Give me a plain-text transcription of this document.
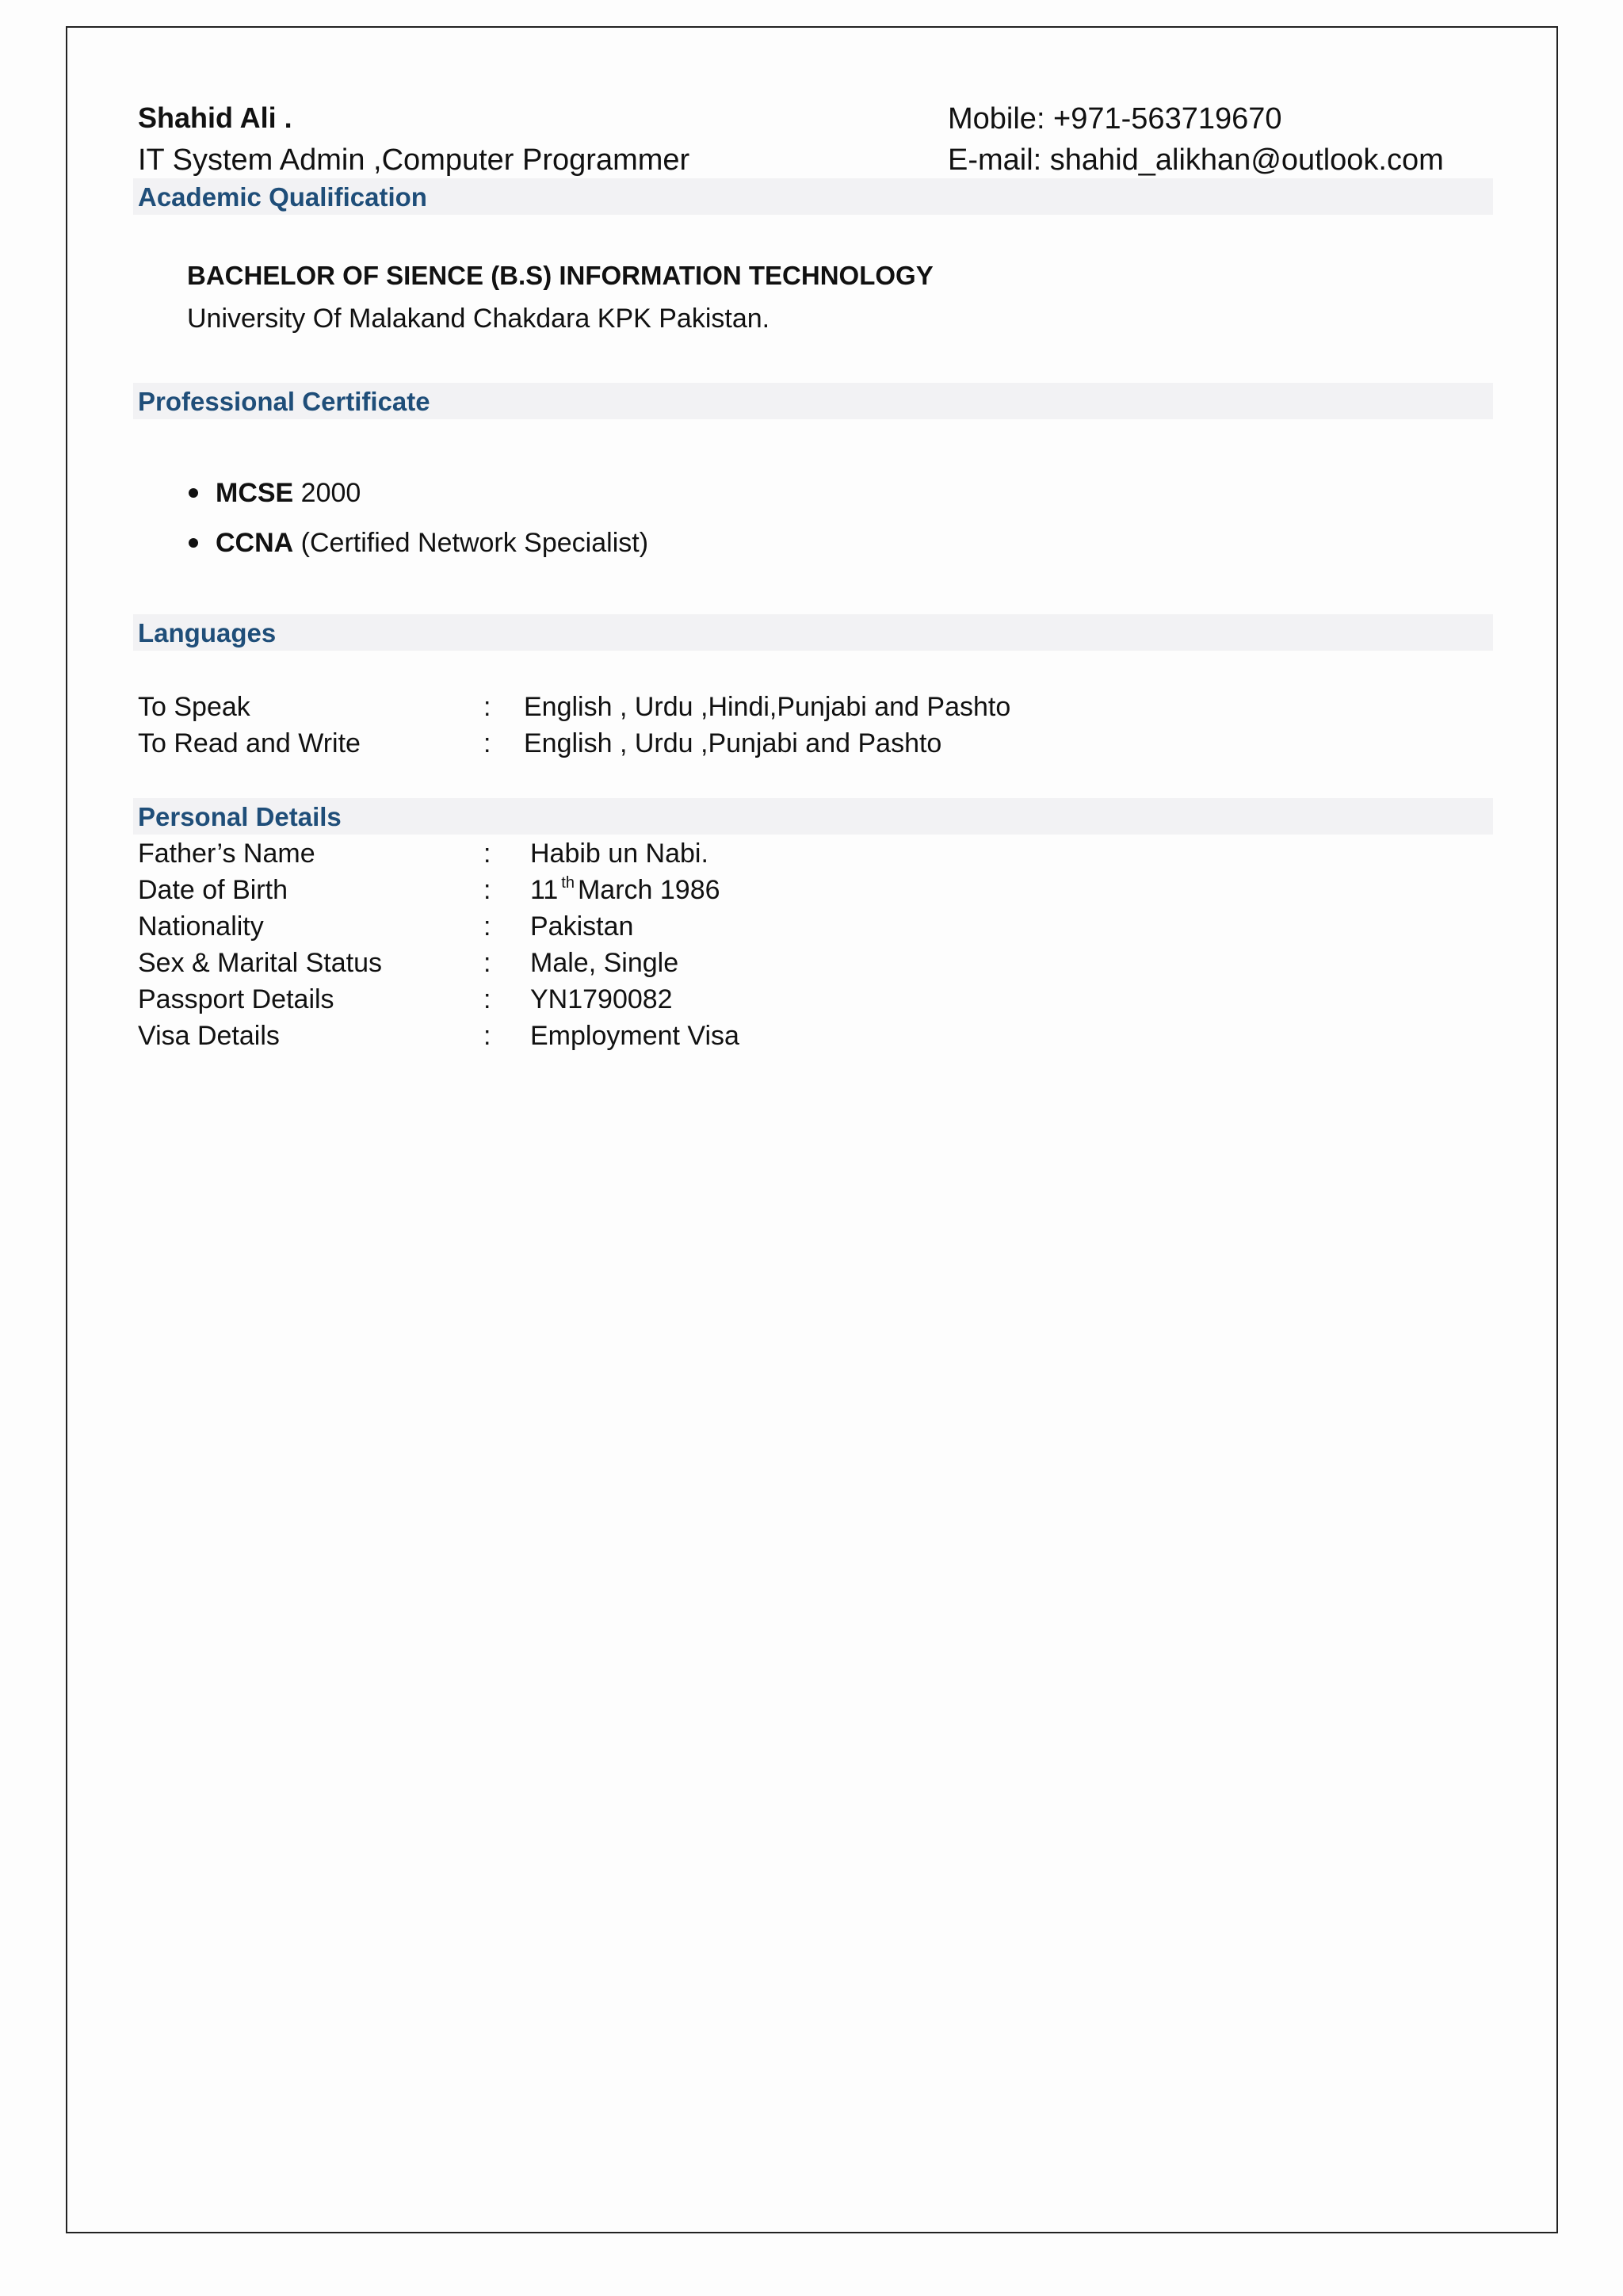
Shahid Ali .
IT System Admin ,Computer Programmer
Mobile: +971-563719670
E-mail: shahid_alikhan@outlook.com
Academic Qualification
BACHELOR OF SIENCE (B.S) INFORMATION TECHNOLOGY
University Of Malakand Chakdara KPK Pakistan.
Professional Certificate
MCSE 2000
CCNA (Certified Network Specialist)
Languages
To Speak	: English , Urdu ,Hindi,Punjabi and Pashto
To Read and Write	: English , Urdu ,Punjabi and Pashto
Personal Details
Father’s Name	: Habib un Nabi.
Date of Birth	: 11 $^{th}$ March 1986
Nationality	: Pakistan
Sex & Marital Status	: Male, Single
Passport Details	: YN1790082
Visa Details	: Employment Visa
